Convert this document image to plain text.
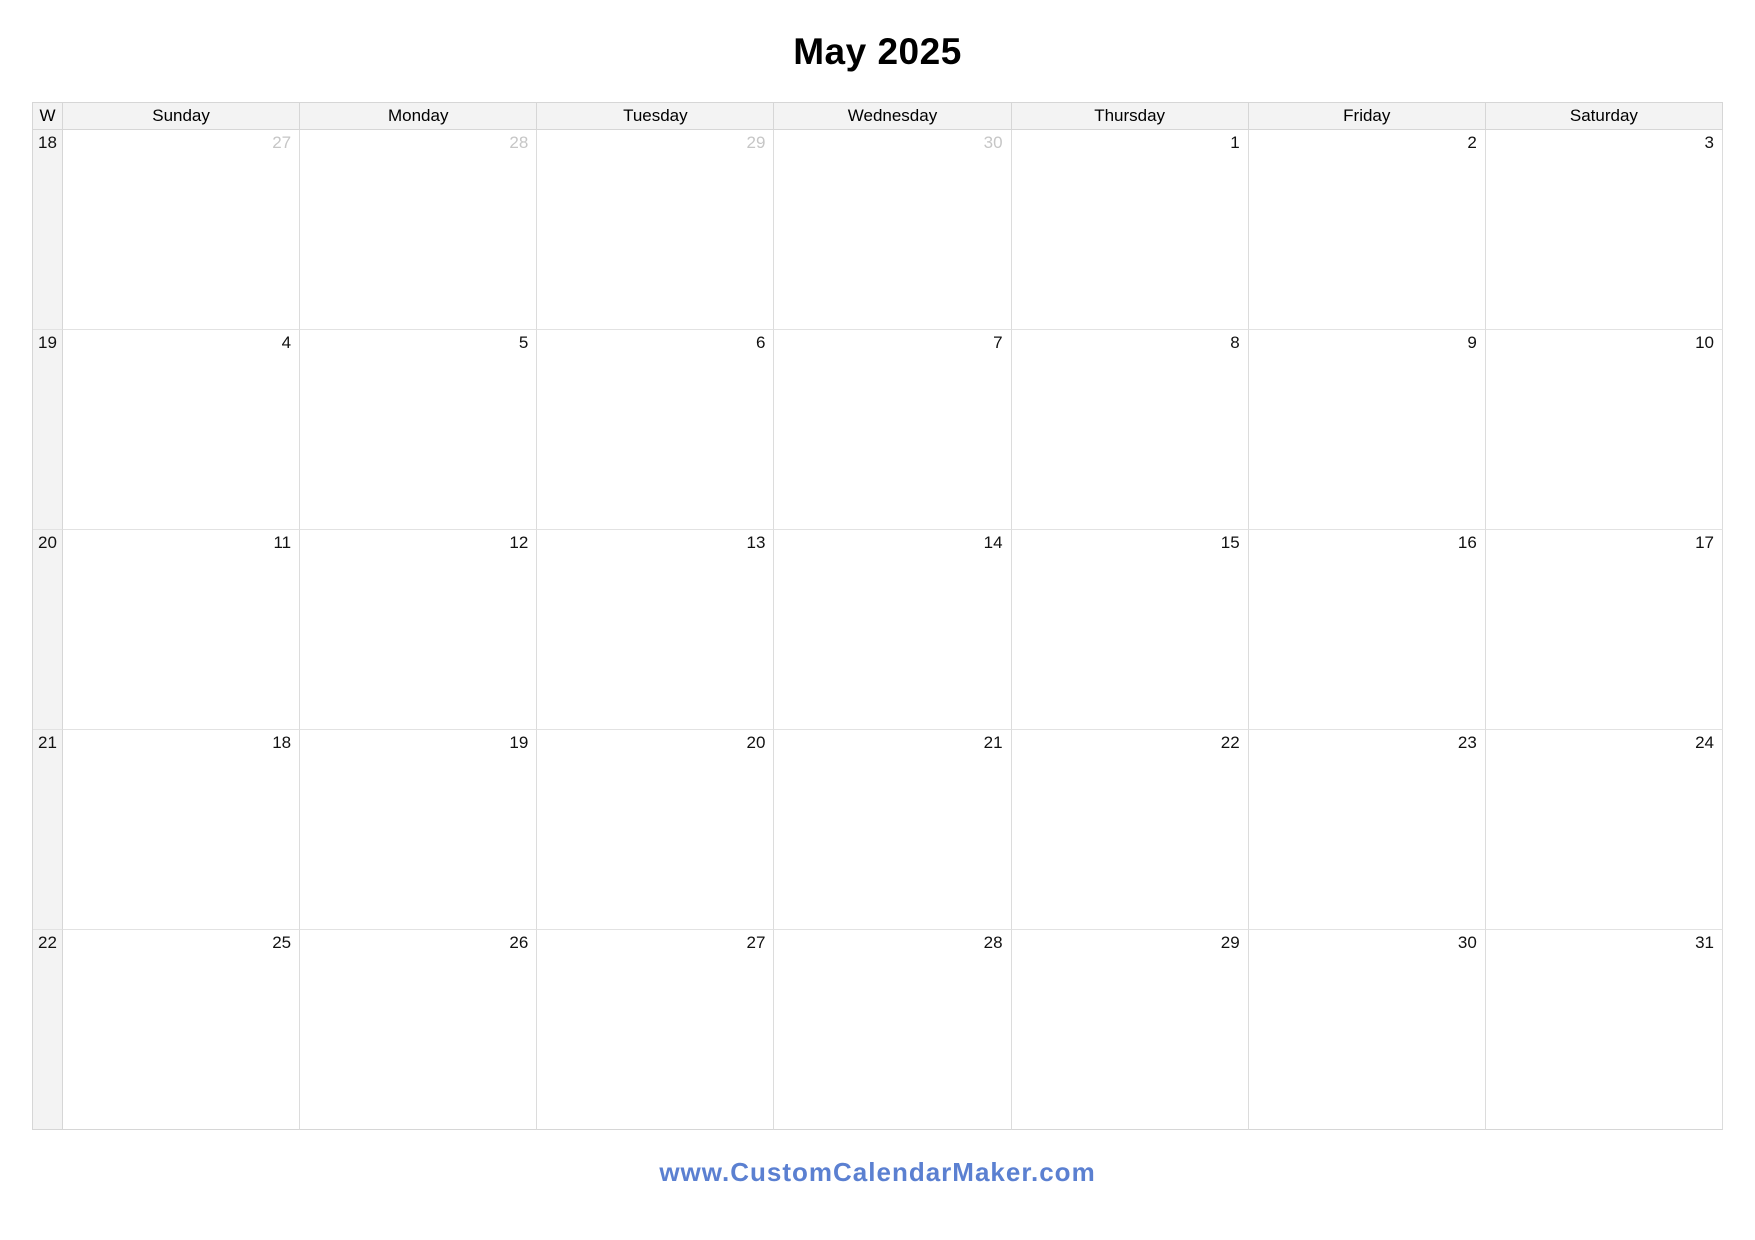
May 2025
W	Sunday	Monday	Tuesday	Wednesday	Thursday	Friday	Saturday
18	27	28	29	30	1	2	3
19	4	5	6	7	8	9	10
20	11	12	13	14	15	16	17
21	18	19	20	21	22	23	24
22	25	26	27	28	29	30	31
www.CustomCalendarMaker.com
